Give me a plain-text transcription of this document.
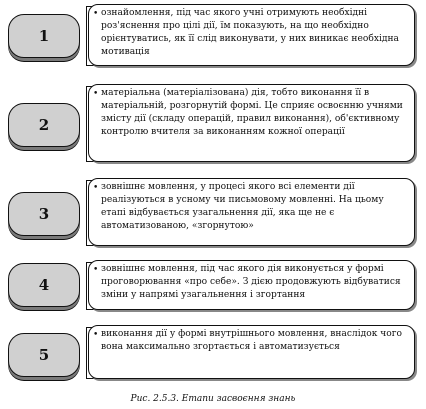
1
• ознайомлення, під час якого учні отримують необхідні роз'яснення про цілі дії, їм показують, на що необхідно орієнтуватись, як її слід виконувати, у них виникає необхідна мотивація
2
• матеріальна (матеріалізована) дія, тобто виконання її в матеріальній, розгорнутій формі. Це сприяє освоєнню учнями змісту дії (складу операцій, правил виконання), об'єктивному контролю вчителя за виконанням кожної операції
3
• зовнішнє мовлення, у процесі якого всі елементи дії реалізуються в усному чи письмовому мовленні. На цьому етапі відбувається узагальнення дії, яка ще не є автоматизованою, «згорнутою»
4
• зовнішнє мовлення, під час якого дія виконується у формі проговорювання «про себе». З дією продовжують відбуватися зміни у напрямі узагальнення і згортання
5
• виконання дії у формі внутрішнього мовлення, внаслідок чого вона максимально згортається і автоматизується
Рис. 2.5.3. Етапи засвоєння знань
